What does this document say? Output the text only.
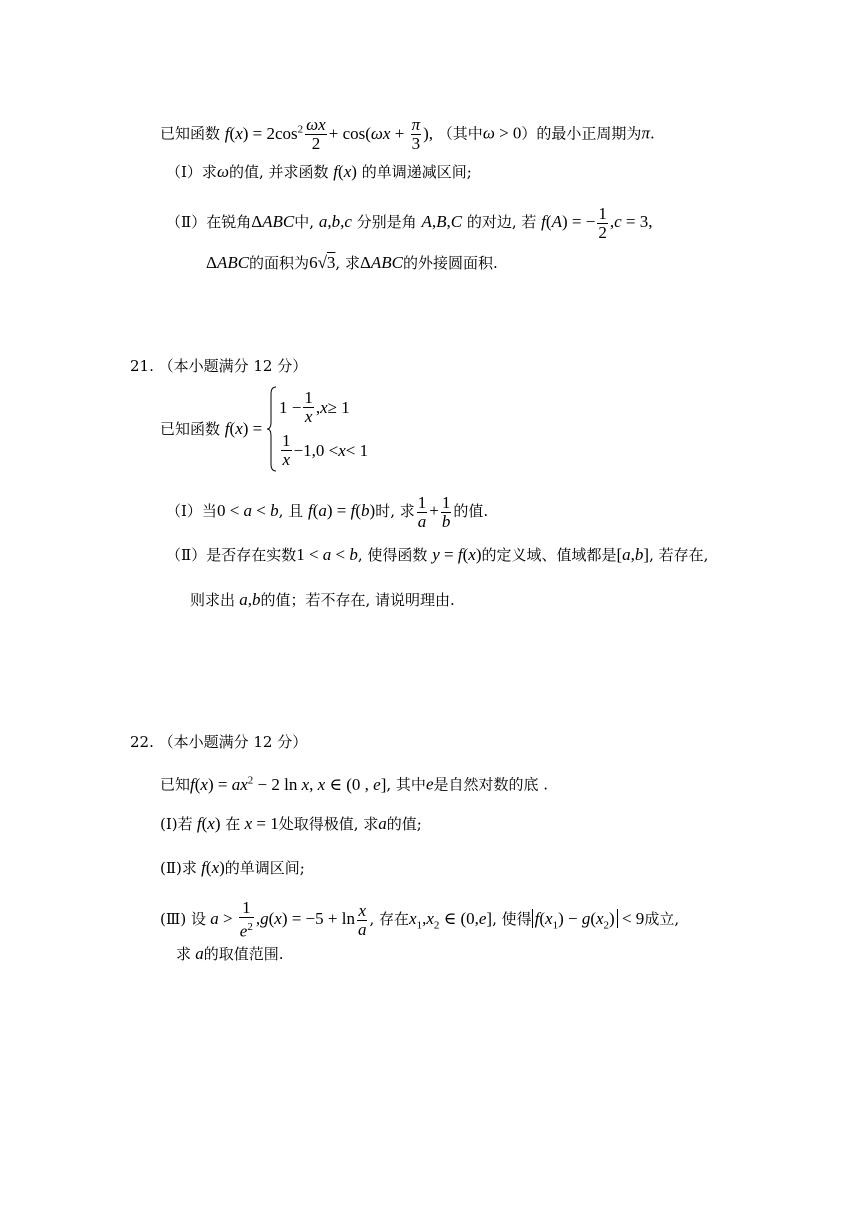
已知函数 $f(x) = 2\cos^2 \frac{\omega x}{2} + \cos(\omega x + \frac{\pi}{3}$ ), （其中ω > 0）的最小正周期为π.
（Ⅰ）求ω的值, 并求函数 f(x) 的单调递减区间;
（Ⅱ）在锐角ΔABC中, a,b,c 分别是角 A,B,C 的对边, 若 f(A) = − $\frac{1}{2} ,c = 3$,
ΔABC的面积为6√3, 求ΔABC的外接圆面积.
21. （本小题满分 12 分）
已知函数 f(x) =
$1 - \frac{1}{x}$ , x ≥ 1
$\frac{1}{x} -1,0 < x < 1$
（Ⅰ）当0 < a < b, 且 f(a) = f(b)时, 求 $\frac{1}{a} + \frac{1}{b}$ 的值.
（Ⅱ）是否存在实数1 < a < b, 使得函数 y = f(x)的定义域、值域都是[a,b], 若存在,
则求出 a,b的值；若不存在, 请说明理由.
22. （本小题满分 12 分）
已知$f(x) = ax^2 - 2$ ln x, x ∈ (0 , e], 其中e是自然对数的底 .
(Ⅰ)若 f(x) 在 x = 1处取得极值, 求a的值;
(Ⅱ)求 f(x)的单调区间;
(Ⅲ) 设 $a > \frac{1}{e^2} ,g(x) = -5 + \ln \frac{x}{a}$ , 存在$x_1,x_2$ ∈ (0,e], 使得 $f(x_1) - g(x_2) < 9$成立,
求 a的取值范围.
